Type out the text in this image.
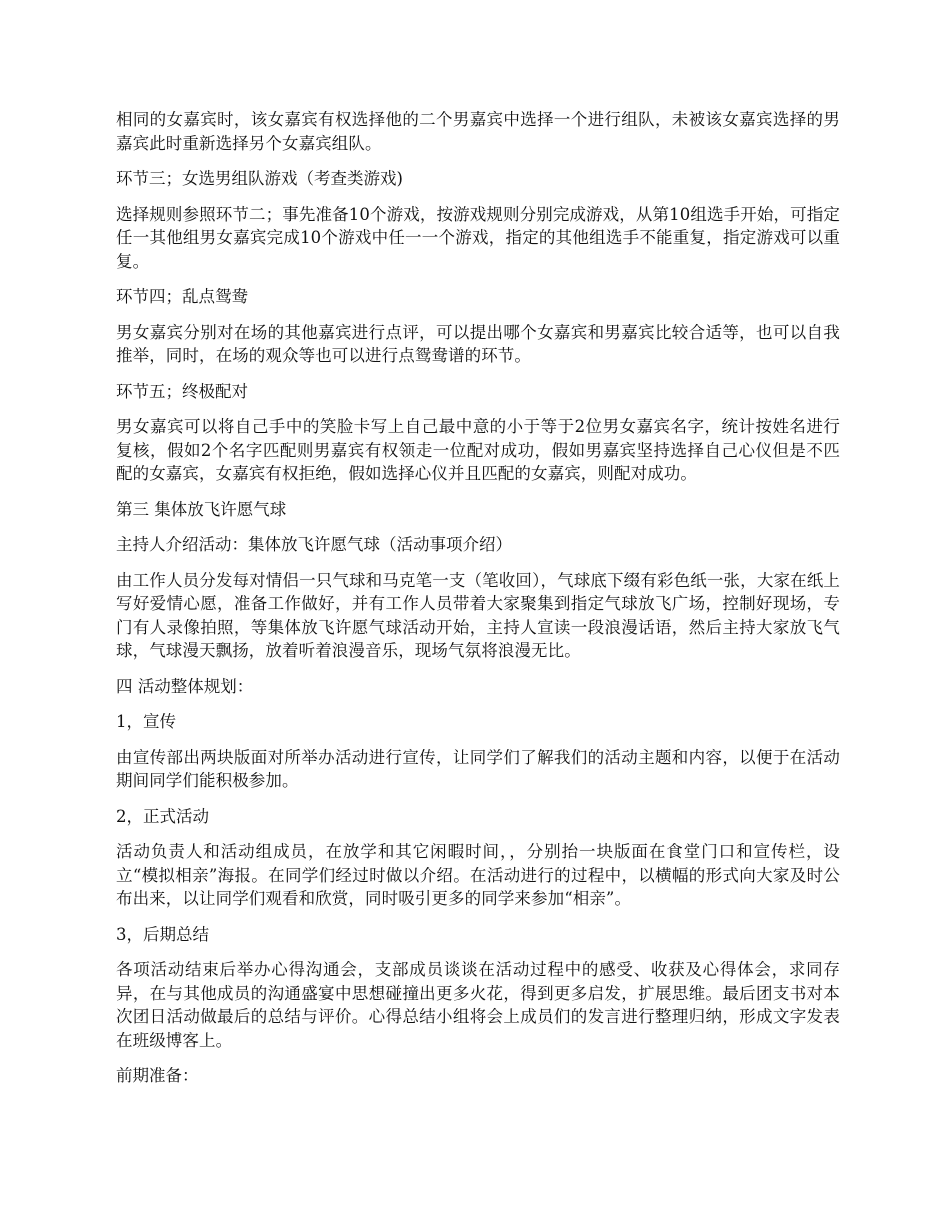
相同的女嘉宾时，该女嘉宾有权选择他的二个男嘉宾中选择一个进行组队，未被该女嘉宾选择的男嘉宾此时重新选择另个女嘉宾组队。

环节三；女选男组队游戏（考查类游戏)

选择规则参照环节二；事先准备10个游戏，按游戏规则分别完成游戏，从第10组选手开始，可指定任一其他组男女嘉宾完成10个游戏中任一一个游戏，指定的其他组选手不能重复，指定游戏可以重复。

环节四；乱点鸳鸯

男女嘉宾分别对在场的其他嘉宾进行点评，可以提出哪个女嘉宾和男嘉宾比较合适等，也可以自我推举，同时，在场的观众等也可以进行点鸳鸯谱的环节。

环节五；终极配对

男女嘉宾可以将自己手中的笑脸卡写上自己最中意的小于等于2位男女嘉宾名字，统计按姓名进行复核，假如2个名字匹配则男嘉宾有权领走一位配对成功，假如男嘉宾坚持选择自己心仪但是不匹配的女嘉宾，女嘉宾有权拒绝，假如选择心仪并且匹配的女嘉宾，则配对成功。

第三 集体放飞许愿气球

主持人介绍活动：集体放飞许愿气球（活动事项介绍）

由工作人员分发每对情侣一只气球和马克笔一支（笔收回），气球底下缀有彩色纸一张，大家在纸上写好爱情心愿，准备工作做好，并有工作人员带着大家聚集到指定气球放飞广场，控制好现场，专门有人录像拍照，等集体放飞许愿气球活动开始，主持人宣读一段浪漫话语，然后主持大家放飞气球，气球漫天飘扬，放着听着浪漫音乐，现场气氛将浪漫无比。

四 活动整体规划：

1，宣传

由宣传部出两块版面对所举办活动进行宣传，让同学们了解我们的活动主题和内容，以便于在活动期间同学们能积极参加。

2，正式活动

活动负责人和活动组成员，在放学和其它闲暇时间，，分别抬一块版面在食堂门口和宣传栏，设立“模拟相亲”海报。在同学们经过时做以介绍。在活动进行的过程中，以横幅的形式向大家及时公布出来，以让同学们观看和欣赏，同时吸引更多的同学来参加“相亲”。

3，后期总结

各项活动结束后举办心得沟通会，支部成员谈谈在活动过程中的感受、收获及心得体会，求同存异，在与其他成员的沟通盛宴中思想碰撞出更多火花，得到更多启发，扩展思维。最后团支书对本次团日活动做最后的总结与评价。心得总结小组将会上成员们的发言进行整理归纳，形成文字发表在班级博客上。

前期准备：
